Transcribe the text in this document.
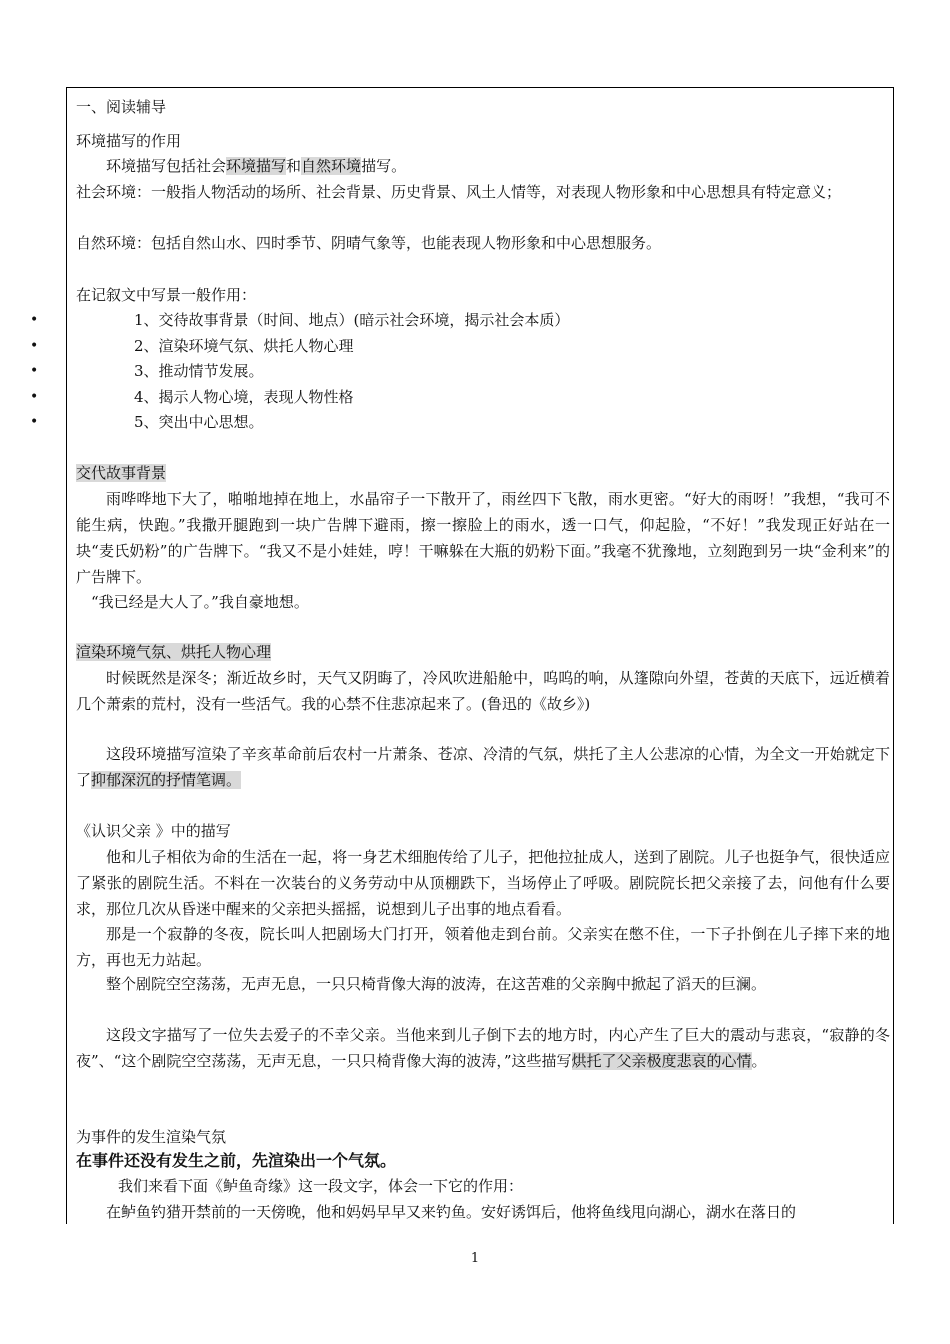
一、阅读辅导
环境描写的作用
环境描写包括社会环境描写和自然环境描写。
社会环境：一般指人物活动的场所、社会背景、历史背景、风土人情等，对表现人物形象和中心思想具有特定意义；
自然环境：包括自然山水、四时季节、阴晴气象等，也能表现人物形象和中心思想服务。
在记叙文中写景一般作用：
•	1、交待故事背景（时间、地点）(暗示社会环境，揭示社会本质）
•	2、渲染环境气氛、烘托人物心理
•	3、推动情节发展。
•	4、揭示人物心境，表现人物性格
•	5、突出中心思想。
交代故事背景
雨哗哗地下大了，啪啪地掉在地上，水晶帘子一下散开了，雨丝四下飞散，雨水更密。“好大的雨呀！”我想，“我可不能生病，快跑。”我撒开腿跑到一块广告牌下避雨，擦一擦脸上的雨水，透一口气，仰起脸，“不好！”我发现正好站在一块“麦氏奶粉”的广告牌下。“我又不是小娃娃，哼！干嘛躲在大瓶的奶粉下面。”我毫不犹豫地，立刻跑到另一块“金利来”的广告牌下。
“我已经是大人了。”我自豪地想。
渲染环境气氛、烘托人物心理
时候既然是深冬；渐近故乡时，天气又阴晦了，冷风吹进船舱中，呜呜的响，从篷隙向外望，苍黄的天底下，远近横着几个萧索的荒村，没有一些活气。我的心禁不住悲凉起来了。(鲁迅的《故乡》)
这段环境描写渲染了辛亥革命前后农村一片萧条、苍凉、冷清的气氛，烘托了主人公悲凉的心情，为全文一开始就定下了抑郁深沉的抒情笔调。
《认识父亲 》中的描写
他和儿子相依为命的生活在一起，将一身艺术细胞传给了儿子，把他拉扯成人，送到了剧院。儿子也挺争气，很快适应了紧张的剧院生活。不料在一次装台的义务劳动中从顶棚跌下，当场停止了呼吸。剧院院长把父亲接了去，问他有什么要求，那位几次从昏迷中醒来的父亲把头摇摇，说想到儿子出事的地点看看。
那是一个寂静的冬夜，院长叫人把剧场大门打开，领着他走到台前。父亲实在憋不住，一下子扑倒在儿子摔下来的地方，再也无力站起。
整个剧院空空荡荡，无声无息，一只只椅背像大海的波涛，在这苦难的父亲胸中掀起了滔天的巨澜。
这段文字描写了一位失去爱子的不幸父亲。当他来到儿子倒下去的地方时，内心产生了巨大的震动与悲哀，“寂静的冬夜”、“这个剧院空空荡荡，无声无息，一只只椅背像大海的波涛，”这些描写烘托了父亲极度悲哀的心情。
为事件的发生渲染气氛
在事件还没有发生之前，先渲染出一个气氛。
我们来看下面《鲈鱼奇缘》这一段文字，体会一下它的作用：
在鲈鱼钓猎开禁前的一天傍晚，他和妈妈早早又来钓鱼。安好诱饵后，他将鱼线甩向湖心，湖水在落日的
1
